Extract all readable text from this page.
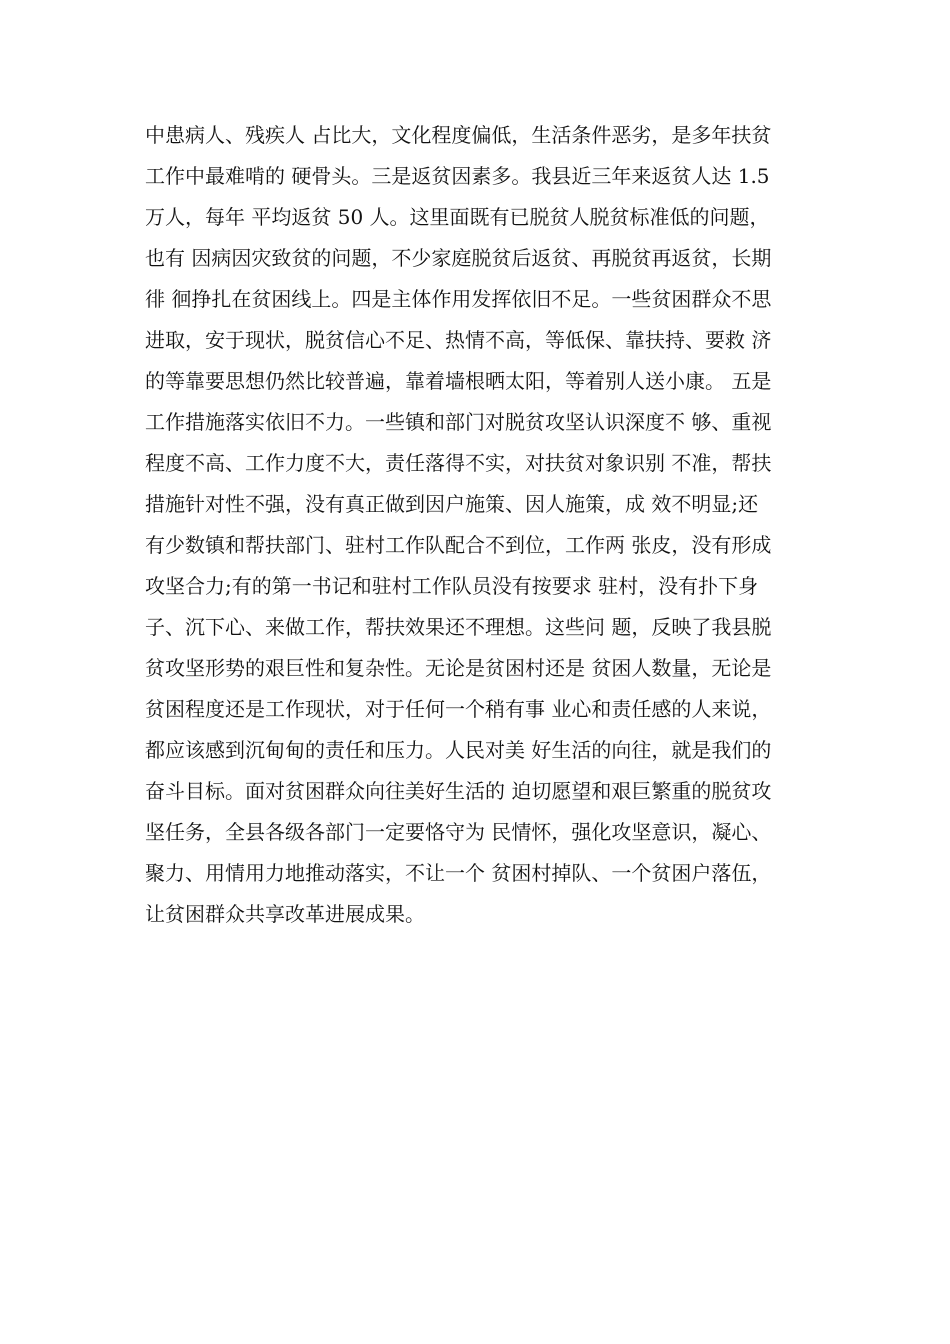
中患病人、残疾人 占比大，文化程度偏低，生活条件恶劣，是多年扶贫
工作中最难啃的 硬骨头。三是返贫因素多。我县近三年来返贫人达 1.5
万人，每年 平均返贫 50 人。这里面既有已脱贫人脱贫标准低的问题，
也有 因病因灾致贫的问题，不少家庭脱贫后返贫、再脱贫再返贫，长期
徘 徊挣扎在贫困线上。四是主体作用发挥依旧不足。一些贫困群众不思
进取，安于现状，脱贫信心不足、热情不高，等低保、靠扶持、要救 济
的等靠要思想仍然比较普遍，靠着墙根晒太阳，等着别人送小康。 五是
工作措施落实依旧不力。一些镇和部门对脱贫攻坚认识深度不 够、重视
程度不高、工作力度不大，责任落得不实，对扶贫对象识别 不准，帮扶
措施针对性不强，没有真正做到因户施策、因人施策，成 效不明显;还
有少数镇和帮扶部门、驻村工作队配合不到位，工作两 张皮，没有形成
攻坚合力;有的第一书记和驻村工作队员没有按要求 驻村，没有扑下身
子、沉下心、来做工作，帮扶效果还不理想。这些问 题，反映了我县脱
贫攻坚形势的艰巨性和复杂性。无论是贫困村还是 贫困人数量，无论是
贫困程度还是工作现状，对于任何一个稍有事 业心和责任感的人来说，
都应该感到沉甸甸的责任和压力。人民对美 好生活的向往，就是我们的
奋斗目标。面对贫困群众向往美好生活的 迫切愿望和艰巨繁重的脱贫攻
坚任务，全县各级各部门一定要恪守为 民情怀，强化攻坚意识，凝心、
聚力、用情用力地推动落实，不让一个 贫困村掉队、一个贫困户落伍，
让贫困群众共享改革进展成果。
